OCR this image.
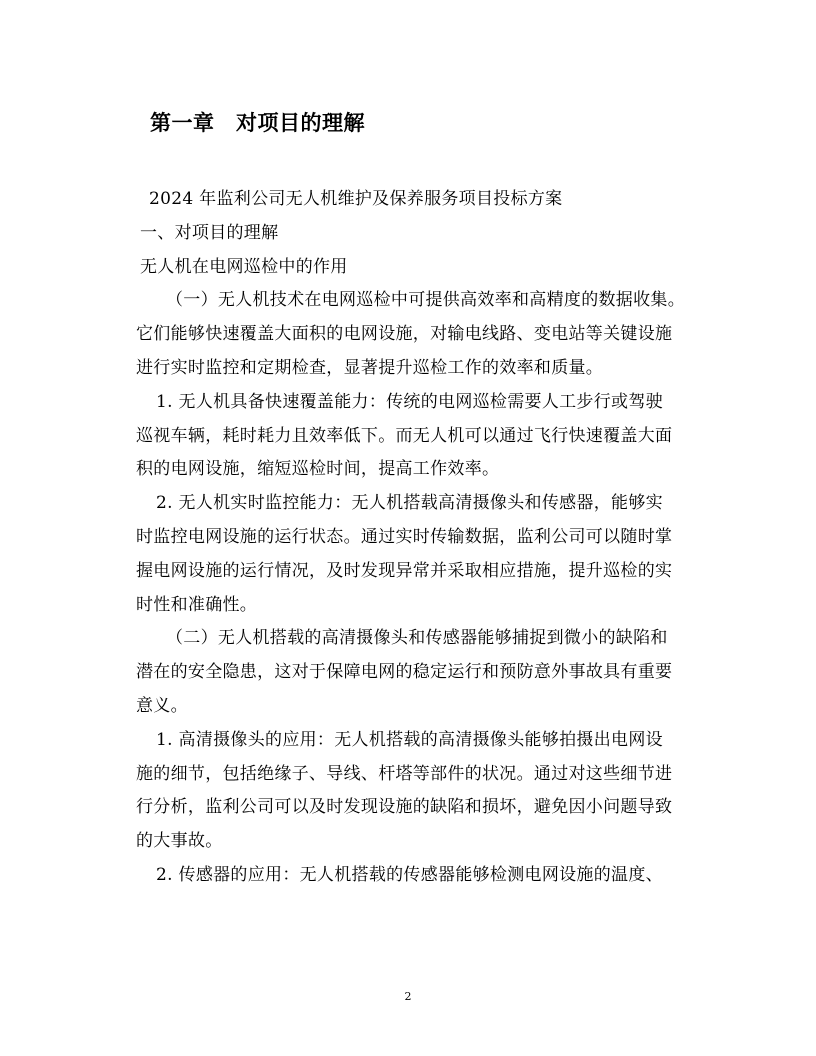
第一章　对项目的理解
2024 年监利公司无人机维护及保养服务项目投标方案
一、对项目的理解
无人机在电网巡检中的作用
（一）无人机技术在电网巡检中可提供高效率和高精度的数据收集。
它们能够快速覆盖大面积的电网设施，对输电线路、变电站等关键设施
进行实时监控和定期检查，显著提升巡检工作的效率和质量。
1. 无人机具备快速覆盖能力：传统的电网巡检需要人工步行或驾驶
巡视车辆，耗时耗力且效率低下。而无人机可以通过飞行快速覆盖大面
积的电网设施，缩短巡检时间，提高工作效率。
2. 无人机实时监控能力：无人机搭载高清摄像头和传感器，能够实
时监控电网设施的运行状态。通过实时传输数据，监利公司可以随时掌
握电网设施的运行情况，及时发现异常并采取相应措施，提升巡检的实
时性和准确性。
（二）无人机搭载的高清摄像头和传感器能够捕捉到微小的缺陷和
潜在的安全隐患，这对于保障电网的稳定运行和预防意外事故具有重要
意义。
1. 高清摄像头的应用：无人机搭载的高清摄像头能够拍摄出电网设
施的细节，包括绝缘子、导线、杆塔等部件的状况。通过对这些细节进
行分析，监利公司可以及时发现设施的缺陷和损坏，避免因小问题导致
的大事故。
2. 传感器的应用：无人机搭载的传感器能够检测电网设施的温度、
2
